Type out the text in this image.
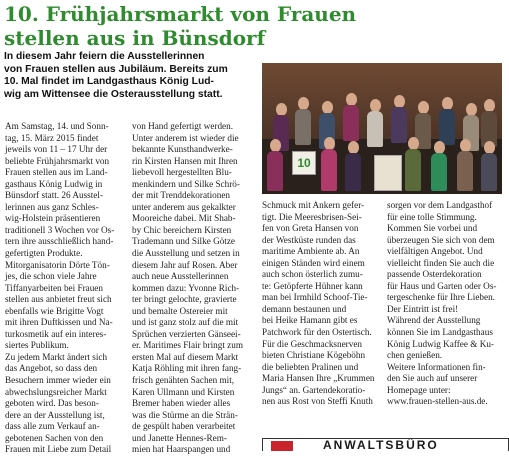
10. Frühjahrsmarkt von Frauen
stellen aus in Bünsdorf

In diesem Jahr feiern die Ausstellerinnen
von Frauen stellen aus Jubiläum. Bereits zum
10. Mal findet im Landgasthaus König Lud-
wig am Wittensee die Osterausstellung statt.

Am Samstag, 14. und Sonn-
tag, 15. März 2015 findet
jeweils von 11 – 17 Uhr der
beliebte Frühjahrsmarkt von
Frauen stellen aus im Land-
gasthaus König Ludwig in
Bünsdorf statt. 26 Ausstel-
lerinnen aus ganz Schles-
wig-Holstein präsentieren
traditionell 3 Wochen vor Os-
tern ihre ausschließlich hand-
gefertigten Produkte.
Mitorganisatorin Dörte Tön-
jes, die schon viele Jahre
Tiffanyarbeiten bei Frauen
stellen aus anbietet freut sich
ebenfalls wie Brigitte Vogt
mit ihren Duftkissen und Na-
turkosmetik auf ein interes-
siertes Publikum.
Zu jedem Markt ändert sich
das Angebot, so dass den
Besuchern immer wieder ein
abwechslungsreicher Markt
geboten wird. Das beson-
dere an der Ausstellung ist,
dass alle zum Verkauf an-
gebotenen Sachen von den
Frauen mit Liebe zum Detail
von Hand gefertigt werden.
Unter anderem ist wieder die
bekannte Kunsthandwerke-
rin Kirsten Hansen mit Ihren
liebevoll hergestellten Blu-
menkindern und Silke Schrö-
der mit Trenddekorationen
unter anderem aus gekalkter
Mooreiche dabei. Mit Shab-
by Chic bereichern Kirsten
Trademann und Silke Götze
die Ausstellung und setzen in
diesem Jahr auf Rosen. Aber
auch neue Ausstellerinnen
kommen dazu: Yvonne Rich-
ter bringt gelochte, gravierte
und bemalte Ostereier mit
und ist ganz stolz auf die mit
Sprüchen verzierten Gänseei-
er. Maritimes Flair bringt zum
ersten Mal auf diesem Markt
Katja Röhling mit ihren fang-
frisch genähten Sachen mit,
Karen Ullmann und Kirsten
Bremer haben wieder alles
was die Stürme an die Strän-
de gespült haben verarbeitet
und Janette Hennes-Rem-
mien hat Haarspangen und
10
Schmuck mit Ankern gefer-
tigt. Die Meeresbrisen-Sei-
fen von Greta Hansen von
der Westküste runden das
maritime Ambiente ab. An
einigen Ständen wird einem
auch schon österlich zumu-
te: Getöpferte Hühner kann
man bei Irmhild Schoof-Tie-
demann bestaunen und
bei Heike Hamann gibt es
Patchwork für den Ostertisch.
Für die Geschmacksnerven
bieten Christiane Kögeböhn
die beliebten Pralinen und
Maria Hansen Ihre „Krummen
Jungs“ an. Gartendekoratio-
nen aus Rost von Steffi Knuth
sorgen vor dem Landgasthof
für eine tolle Stimmung.
Kommen Sie vorbei und
überzeugen Sie sich von dem
vielfältigen Angebot. Und
vielleicht finden Sie auch die
passende Osterdekoration
für Haus und Garten oder Os-
tergeschenke für Ihre Lieben.
Der Eintritt ist frei!
Während der Ausstellung
können Sie im Landgasthaus
König Ludwig Kaffee & Ku-
chen genießen.
Weitere Informationen fin-
den Sie auch auf unserer
Homepage unter:
www.frauen-stellen-aus.de.
ANWALTSBÜRO
